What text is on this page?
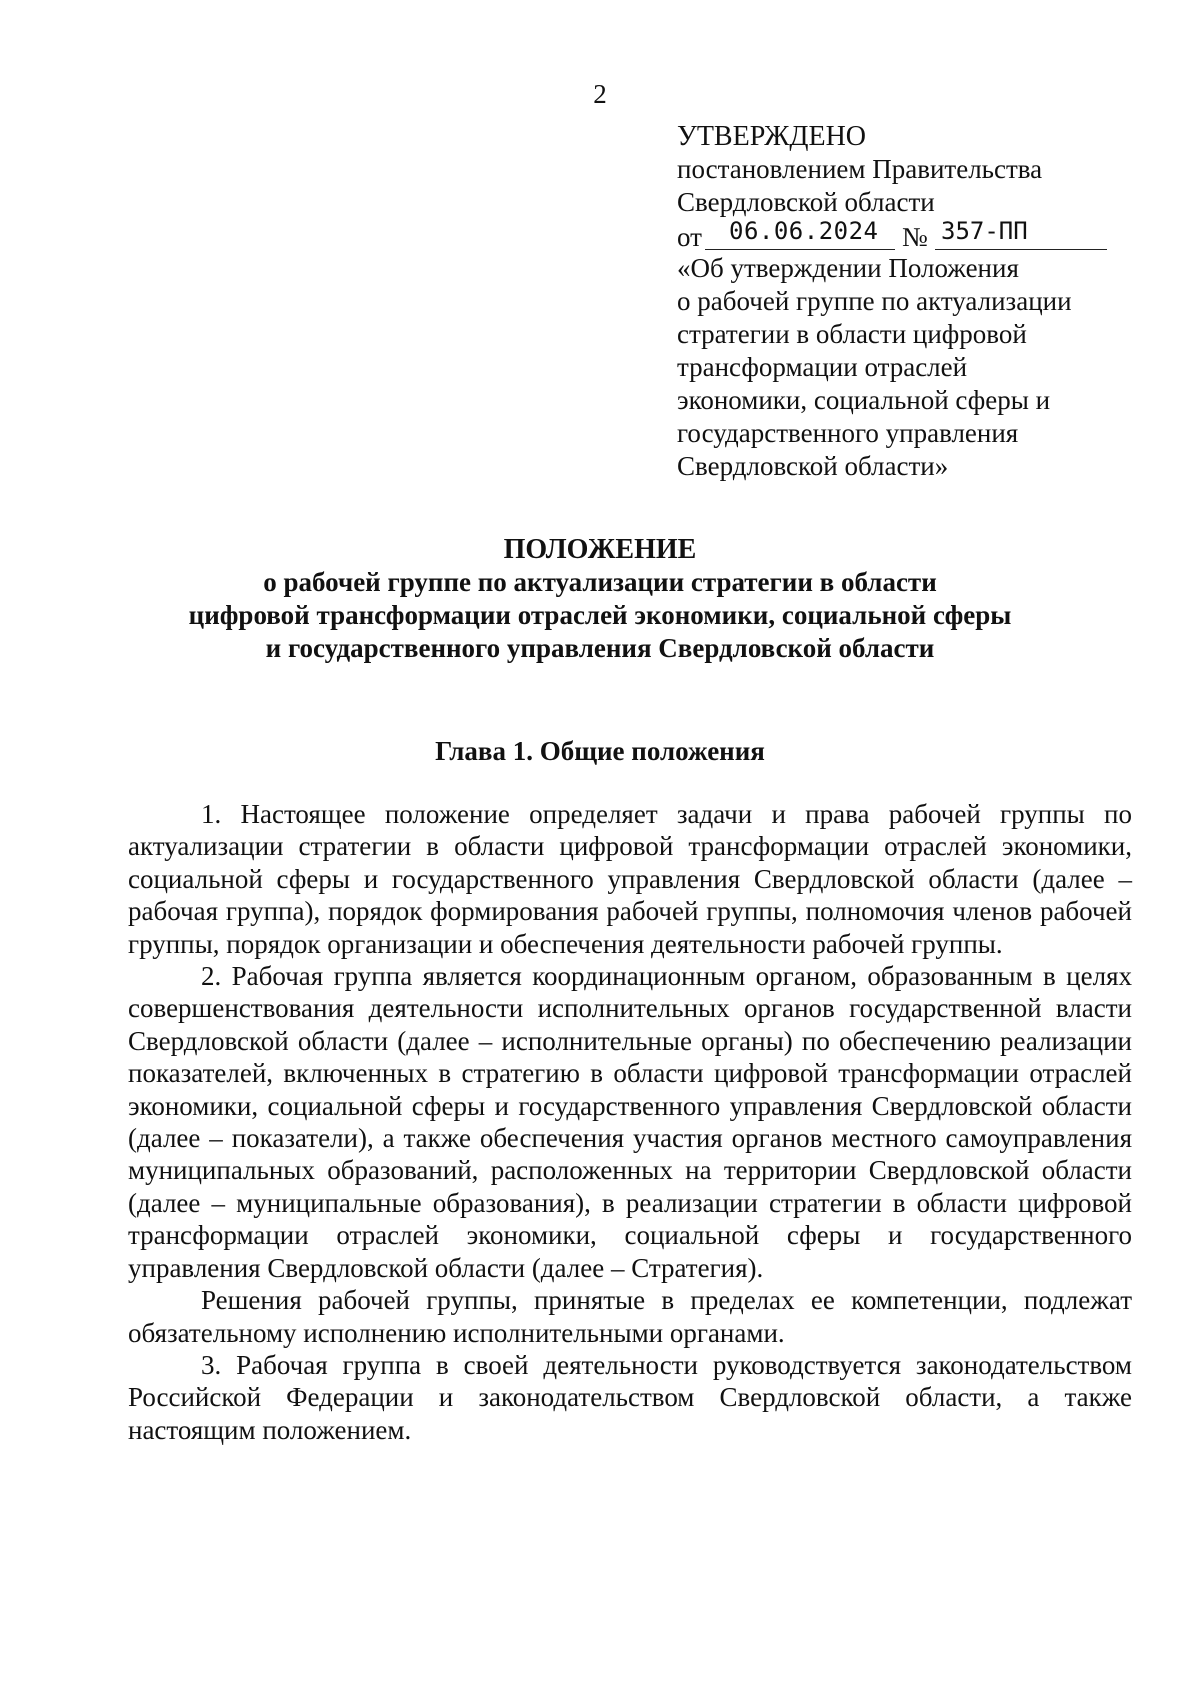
2
УТВЕРЖДЕНО
постановлением Правительства
Свердловской области
от 06.06.2024 № 357-ПП
«Об утверждении Положения
о рабочей группе по актуализации
стратегии в области цифровой
трансформации отраслей
экономики, социальной сферы и
государственного управления
Свердловской области»
ПОЛОЖЕНИЕ
о рабочей группе по актуализации стратегии в области
цифровой трансформации отраслей экономики, социальной сферы
и государственного управления Свердловской области
Глава 1. Общие положения

1. Настоящее положение определяет задачи и права рабочей группы по актуализации стратегии в области цифровой трансформации отраслей экономики, социальной сферы и государственного управления Свердловской области (далее – рабочая группа), порядок формирования рабочей группы, полномочия членов рабочей группы, порядок организации и обеспечения деятельности рабочей группы.

2. Рабочая группа является координационным органом, образованным в целях совершенствования деятельности исполнительных органов государственной власти Свердловской области (далее – исполнительные органы) по обеспечению реализации показателей, включенных в стратегию в области цифровой трансформации отраслей экономики, социальной сферы и государственного управления Свердловской области (далее – показатели), а также обеспечения участия органов местного самоуправления муниципальных образований, расположенных на территории Свердловской области (далее – муниципальные образования), в реализации стратегии в области цифровой трансформации отраслей экономики, социальной сферы и государственного управления Свердловской области (далее – Стратегия).

Решения рабочей группы, принятые в пределах ее компетенции, подлежат обязательному исполнению исполнительными органами.

3. Рабочая группа в своей деятельности руководствуется законодательством Российской Федерации и законодательством Свердловской области, а также настоящим положением.
